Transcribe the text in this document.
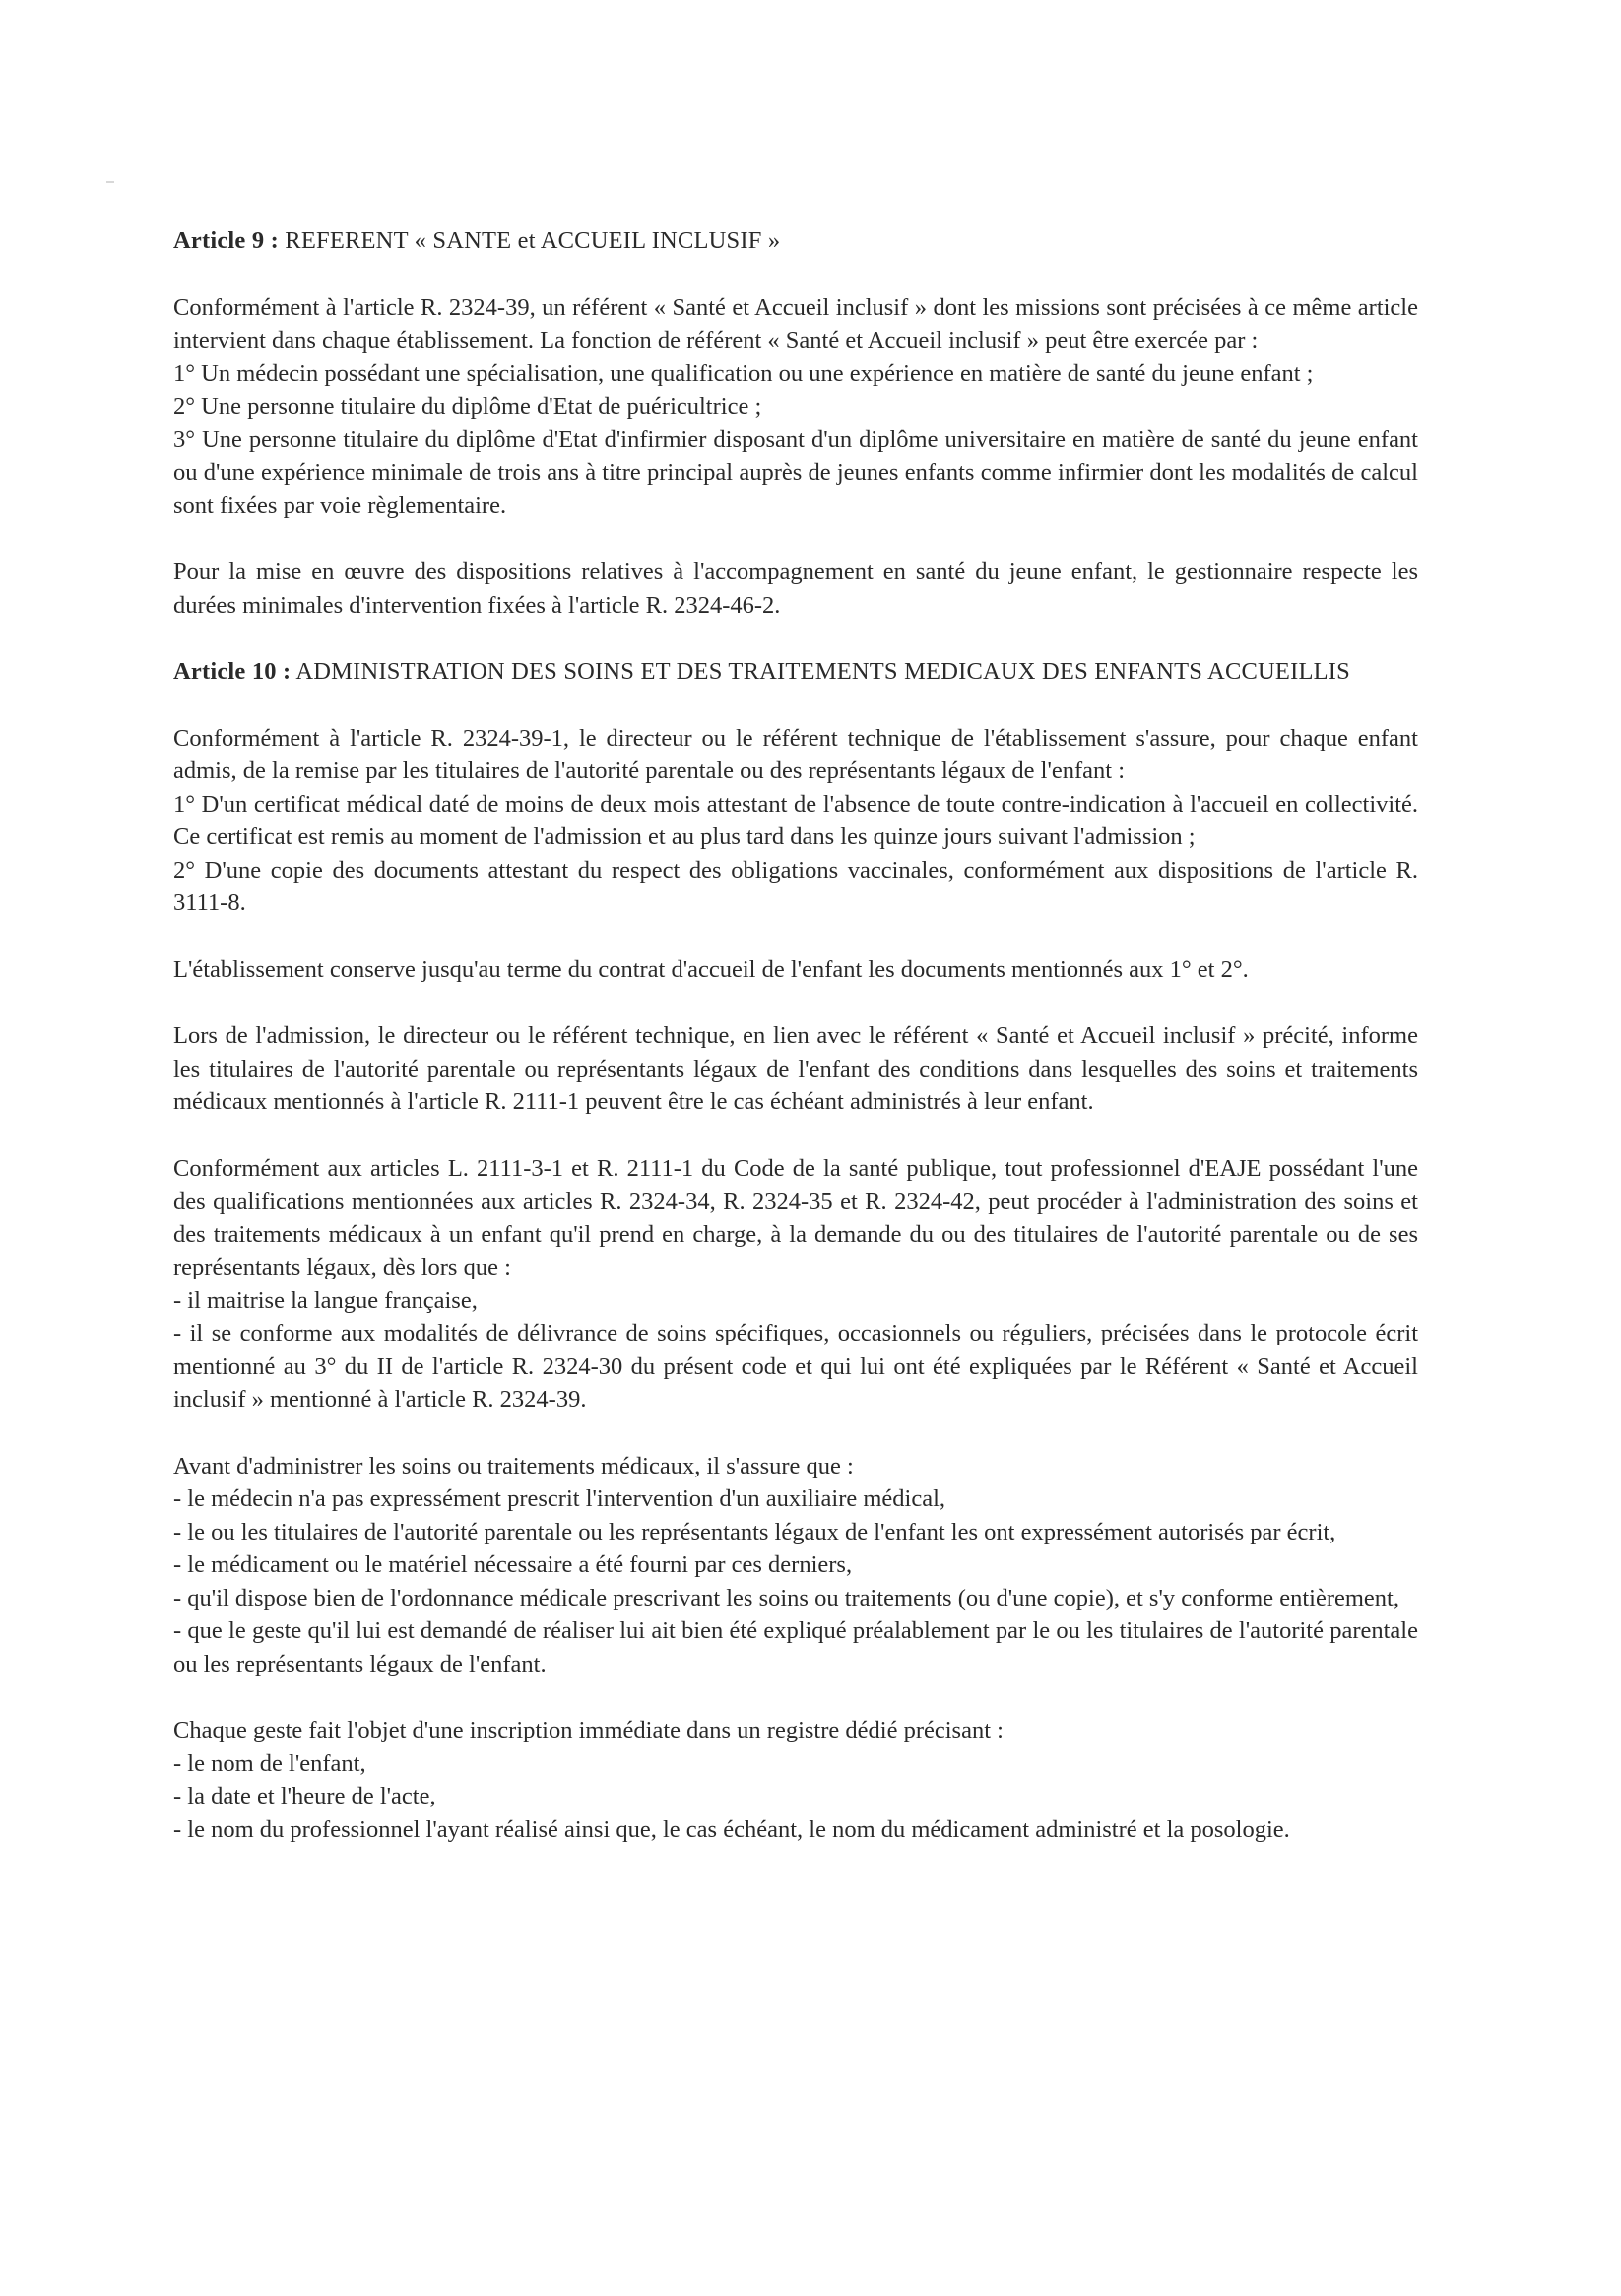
Article 9 : REFERENT « SANTE et ACCUEIL INCLUSIF »
Conformément à l'article R. 2324-39, un référent « Santé et Accueil inclusif » dont les missions sont précisées à ce même article intervient dans chaque établissement. La fonction de référent « Santé et Accueil inclusif » peut être exercée par :
1° Un médecin possédant une spécialisation, une qualification ou une expérience en matière de santé du jeune enfant ;
2° Une personne titulaire du diplôme d'Etat de puéricultrice ;
3° Une personne titulaire du diplôme d'Etat d'infirmier disposant d'un diplôme universitaire en matière de santé du jeune enfant ou d'une expérience minimale de trois ans à titre principal auprès de jeunes enfants comme infirmier dont les modalités de calcul sont fixées par voie règlementaire.
Pour la mise en œuvre des dispositions relatives à l'accompagnement en santé du jeune enfant, le gestionnaire respecte les durées minimales d'intervention fixées à l'article R. 2324-46-2.
Article 10 : ADMINISTRATION DES SOINS ET DES TRAITEMENTS MEDICAUX DES ENFANTS ACCUEILLIS
Conformément à l'article R. 2324-39-1, le directeur ou le référent technique de l'établissement s'assure, pour chaque enfant admis, de la remise par les titulaires de l'autorité parentale ou des représentants légaux de l'enfant :
1° D'un certificat médical daté de moins de deux mois attestant de l'absence de toute contre-indication à l'accueil en collectivité. Ce certificat est remis au moment de l'admission et au plus tard dans les quinze jours suivant l'admission ;
2° D'une copie des documents attestant du respect des obligations vaccinales, conformément aux dispositions de l'article R. 3111-8.
L'établissement conserve jusqu'au terme du contrat d'accueil de l'enfant les documents mentionnés aux 1° et 2°.
Lors de l'admission, le directeur ou le référent technique, en lien avec le référent « Santé et Accueil inclusif » précité, informe les titulaires de l'autorité parentale ou représentants légaux de l'enfant des conditions dans lesquelles des soins et traitements médicaux mentionnés à l'article R. 2111-1 peuvent être le cas échéant administrés à leur enfant.
Conformément aux articles L. 2111-3-1 et R. 2111-1 du Code de la santé publique, tout professionnel d'EAJE possédant l'une des qualifications mentionnées aux articles R. 2324-34, R. 2324-35 et R. 2324-42, peut procéder à l'administration des soins et des traitements médicaux à un enfant qu'il prend en charge, à la demande du ou des titulaires de l'autorité parentale ou de ses représentants légaux, dès lors que :
- il maitrise la langue française,
- il se conforme aux modalités de délivrance de soins spécifiques, occasionnels ou réguliers, précisées dans le protocole écrit mentionné au 3° du II de l'article R. 2324-30 du présent code et qui lui ont été expliquées par le Référent « Santé et Accueil inclusif » mentionné à l'article R. 2324-39.
Avant d'administrer les soins ou traitements médicaux, il s'assure que :
- le médecin n'a pas expressément prescrit l'intervention d'un auxiliaire médical,
- le ou les titulaires de l'autorité parentale ou les représentants légaux de l'enfant les ont expressément autorisés par écrit,
- le médicament ou le matériel nécessaire a été fourni par ces derniers,
- qu'il dispose bien de l'ordonnance médicale prescrivant les soins ou traitements (ou d'une copie), et s'y conforme entièrement,
- que le geste qu'il lui est demandé de réaliser lui ait bien été expliqué préalablement par le ou les titulaires de l'autorité parentale ou les représentants légaux de l'enfant.
Chaque geste fait l'objet d'une inscription immédiate dans un registre dédié précisant :
- le nom de l'enfant,
- la date et l'heure de l'acte,
- le nom du professionnel l'ayant réalisé ainsi que, le cas échéant, le nom du médicament administré et la posologie.
